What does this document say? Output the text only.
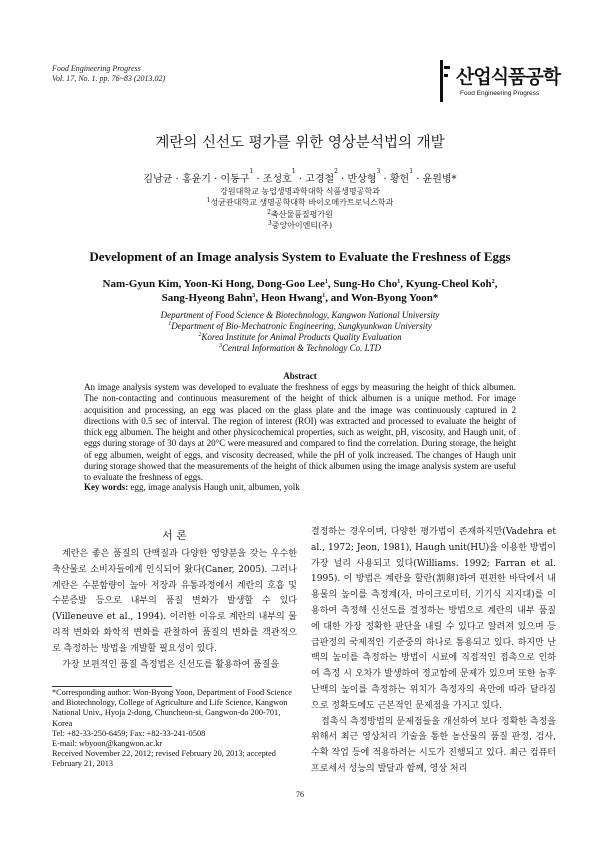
Food Engineering Progress
Vol. 17, No. 1. pp. 76~83 (2013.02)	산업식품공학
Food Engineering Progress
계란의 신선도 평가를 위한 영상분석법의 개발
김남균 · 홍윤기 · 이동구$^1$ · 조성호$^1$ · 고경철$^2$ · 반상형$^3$ · 황헌$^1$ · 윤원병*
강원대학교 농업생명과학대학 식품생명공학과
$^1$성균관대학교 생명공학대학 바이오메카트로닉스학과
$^2$축산물품질평가원
$^3$중앙아이엔티(주)
Development of an Image analysis System to Evaluate the Freshness of Eggs
Nam-Gyun Kim, Yoon-Ki Hong, Dong-Goo Lee$^1$, Sung-Ho Cho$^1$, Kyung-Cheol Koh$^2$,
Sang-Hyeong Bahn$^3$, Heon Hwang$^1$, and Won-Byong Yoon*
Department of Food Science & Biotechnology, Kangwon National University
$^1$Department of Bio-Mechatronic Engineering, Sungkyunkwan University
$^2$Korea Institute for Animal Products Quality Evaluation
$^3$Central Information & Technology Co. LTD
Abstract
An image analysis system was developed to evaluate the freshness of eggs by measuring the height of thick albumen. The non-contacting and continuous measurement of the height of thick albumen is a unique method. For image acquisition and processing, an egg was placed on the glass plate and the image was continuously captured in 2 directions with 0.5 sec of interval. The region of interest (ROI) was extracted and processed to evaluate the height of thick egg albumen. The height and other physicochemical properties, such as weight, pH, viscosity, and Haugh unit, of eggs during storage of 30 days at 20°C were measured and compared to find the correlation. During storage, the height of egg albumen, weight of eggs, and viscosity decreased, while the pH of yolk increased. The changes of Haugh unit during storage showed that the measurements of the height of thick albumen using the image analysis system are useful to evaluate the freshness of eggs.
Key words: egg, image analysis Haugh unit, albumen, yolk
서 론

계란은 좋은 품질의 단백질과 다양한 영양분을 갖는 우수한 축산물로 소비자들에게 인식되어 왔다(Caner, 2005). 그러나 계란은 수분함량이 높아 저장과 유통과정에서 계란의 호흡 및 수분증발 등으로 내부의 품질 변화가 발생할 수 있다(Villeneuve et al., 1994). 이러한 이유로 계란의 내부의 물리적 변화와 화학적 변화를 관찰하여 품질의 변화를 객관적으로 측정하는 방법을 개발할 필요성이 있다.

가장 보편적인 품질 측정법은 신선도를 활용하여 품질을

결정하는 경우이며, 다양한 평가법이 존재하지만(Vadehra et al., 1972; Jeon, 1981), Haugh unit(HU)을 이용한 방법이 가장 널리 사용되고 있다(Williams. 1992; Farran et al. 1995). 이 방법은 계란을 할란(割卵)하여 편편한 바닥에서 내용물의 높이를 측정계(자, 마이크로미터, 기기식 지지대)를 이용하여 측정해 신선도를 결정하는 방법으로 계란의 내부 품질에 대한 가장 정확한 판단을 내릴 수 있다고 알려져 있으며 등급판정의 국제적인 기준중의 하나로 통용되고 있다. 하지만 난백의 높이를 측정하는 방법이 시료에 직접적인 접촉으로 인하여 측정 시 오차가 발생하여 정교함에 문제가 있으며 또한 농후난백의 높이를 측정하는 위치가 측정자의 육안에 따라 달라짐으로 정확도에도 근본적인 문제점을 가지고 있다.

접촉식 측정방법의 문제점들을 개선하여 보다 정확한 측정을 위해서 최근 영상처리 기술을 통한 농산물의 품질 판정, 검사, 수확 작업 등에 적용하려는 시도가 진행되고 있다. 최근 컴퓨터 프로세서 성능의 발달과 함께, 영상 처리

*Corresponding author: Won-Byong Yoon, Department of Food Science and Biotechnology, College of Agriculture and Life Science, Kangwon National Univ., Hyoja 2-dong, Chuncheon-si, Gangwon-do 200-701, Korea
Tel: +82-33-250-6459; Fax: +82-33-241-0508
E-mail: wbyoon@kangwon.ac.kr
Received November 22, 2012; revised February 20, 2013; accepted February 21, 2013
76
